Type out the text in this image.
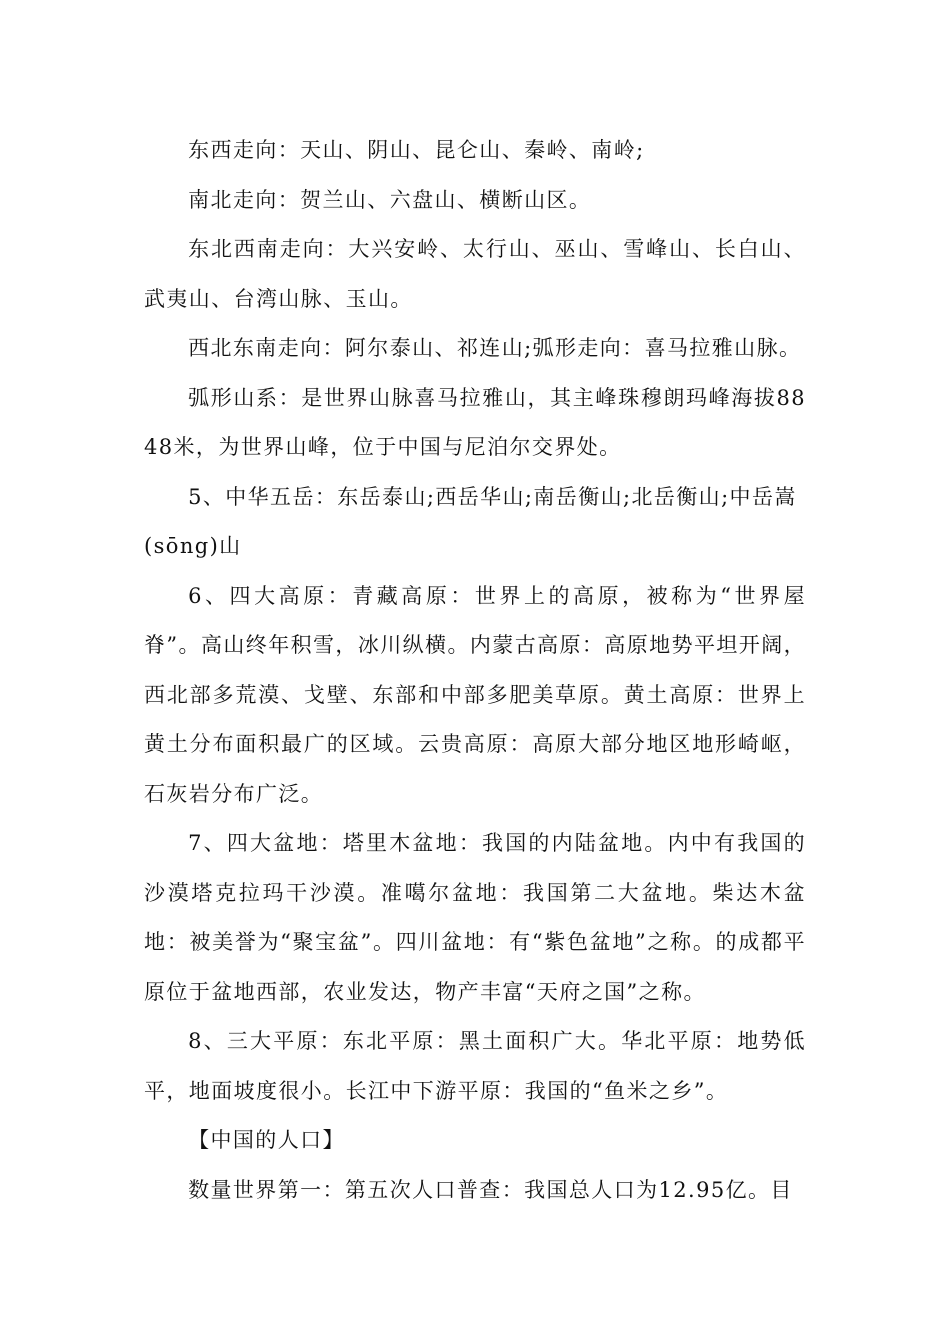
东西走向：天山、阴山、昆仑山、秦岭、南岭;

南北走向：贺兰山、六盘山、横断山区。

东北西南走向：大兴安岭、太行山、巫山、雪峰山、长白山、武夷山、台湾山脉、玉山。

西北东南走向：阿尔泰山、祁连山;弧形走向：喜马拉雅山脉。

弧形山系：是世界山脉喜马拉雅山，其主峰珠穆朗玛峰海拔8848米，为世界山峰，位于中国与尼泊尔交界处。

5、中华五岳：东岳泰山;西岳华山;南岳衡山;北岳衡山;中岳嵩(sōng)山

6、四大高原：青藏高原：世界上的高原，被称为“世界屋脊”。高山终年积雪，冰川纵横。内蒙古高原：高原地势平坦开阔，西北部多荒漠、戈壁、东部和中部多肥美草原。黄土高原：世界上黄土分布面积最广的区域。云贵高原：高原大部分地区地形崎岖，石灰岩分布广泛。

7、四大盆地：塔里木盆地：我国的内陆盆地。内中有我国的沙漠塔克拉玛干沙漠。准噶尔盆地：我国第二大盆地。柴达木盆地：被美誉为“聚宝盆”。四川盆地：有“紫色盆地”之称。的成都平原位于盆地西部，农业发达，物产丰富“天府之国”之称。

8、三大平原：东北平原：黑土面积广大。华北平原：地势低平，地面坡度很小。长江中下游平原：我国的“鱼米之乡”。

【中国的人口】

数量世界第一：第五次人口普查：我国总人口为12.95亿。目
